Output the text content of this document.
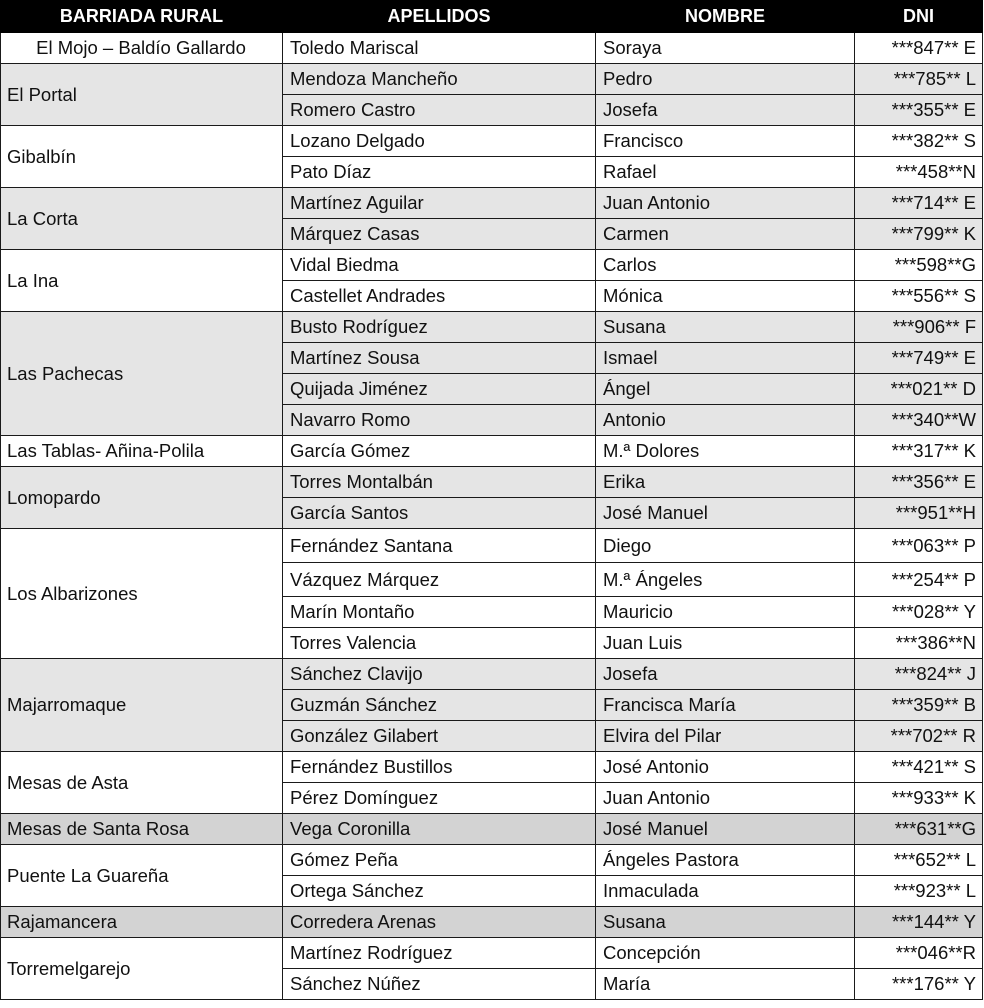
BARRIADA RURAL	APELLIDOS	NOMBRE	DNI
El Mojo – Baldío Gallardo	Toledo Mariscal	Soraya	***847** E
El Portal	Mendoza Mancheño	Pedro	***785** L
	Romero Castro	Josefa	***355** E
Gibalbín	Lozano Delgado	Francisco	***382** S
	Pato Díaz	Rafael	***458**N
La Corta	Martínez Aguilar	Juan Antonio	***714** E
	Márquez Casas	Carmen	***799** K
La Ina	Vidal Biedma	Carlos	***598**G
	Castellet Andrades	Mónica	***556** S
Las Pachecas	Busto Rodríguez	Susana	***906** F
	Martínez Sousa	Ismael	***749** E
	Quijada Jiménez	Ángel	***021** D
	Navarro Romo	Antonio	***340**W
Las Tablas- Añina-Polila	García Gómez	M.ª Dolores	***317** K
Lomopardo	Torres Montalbán	Erika	***356** E
	García Santos	José Manuel	***951**H
Los Albarizones	Fernández Santana	Diego	***063** P
	Vázquez Márquez	M.ª Ángeles	***254** P
	Marín Montaño	Mauricio	***028** Y
	Torres Valencia	Juan Luis	***386**N
Majarromaque	Sánchez Clavijo	Josefa	***824** J
	Guzmán Sánchez	Francisca María	***359** B
	González Gilabert	Elvira del Pilar	***702** R
Mesas de Asta	Fernández Bustillos	José Antonio	***421** S
	Pérez Domínguez	Juan Antonio	***933** K
Mesas de Santa Rosa	Vega Coronilla	José Manuel	***631**G
Puente La Guareña	Gómez Peña	Ángeles Pastora	***652** L
	Ortega Sánchez	Inmaculada	***923** L
Rajamancera	Corredera Arenas	Susana	***144** Y
Torremelgarejo	Martínez Rodríguez	Concepción	***046**R
	Sánchez Núñez	María	***176** Y
